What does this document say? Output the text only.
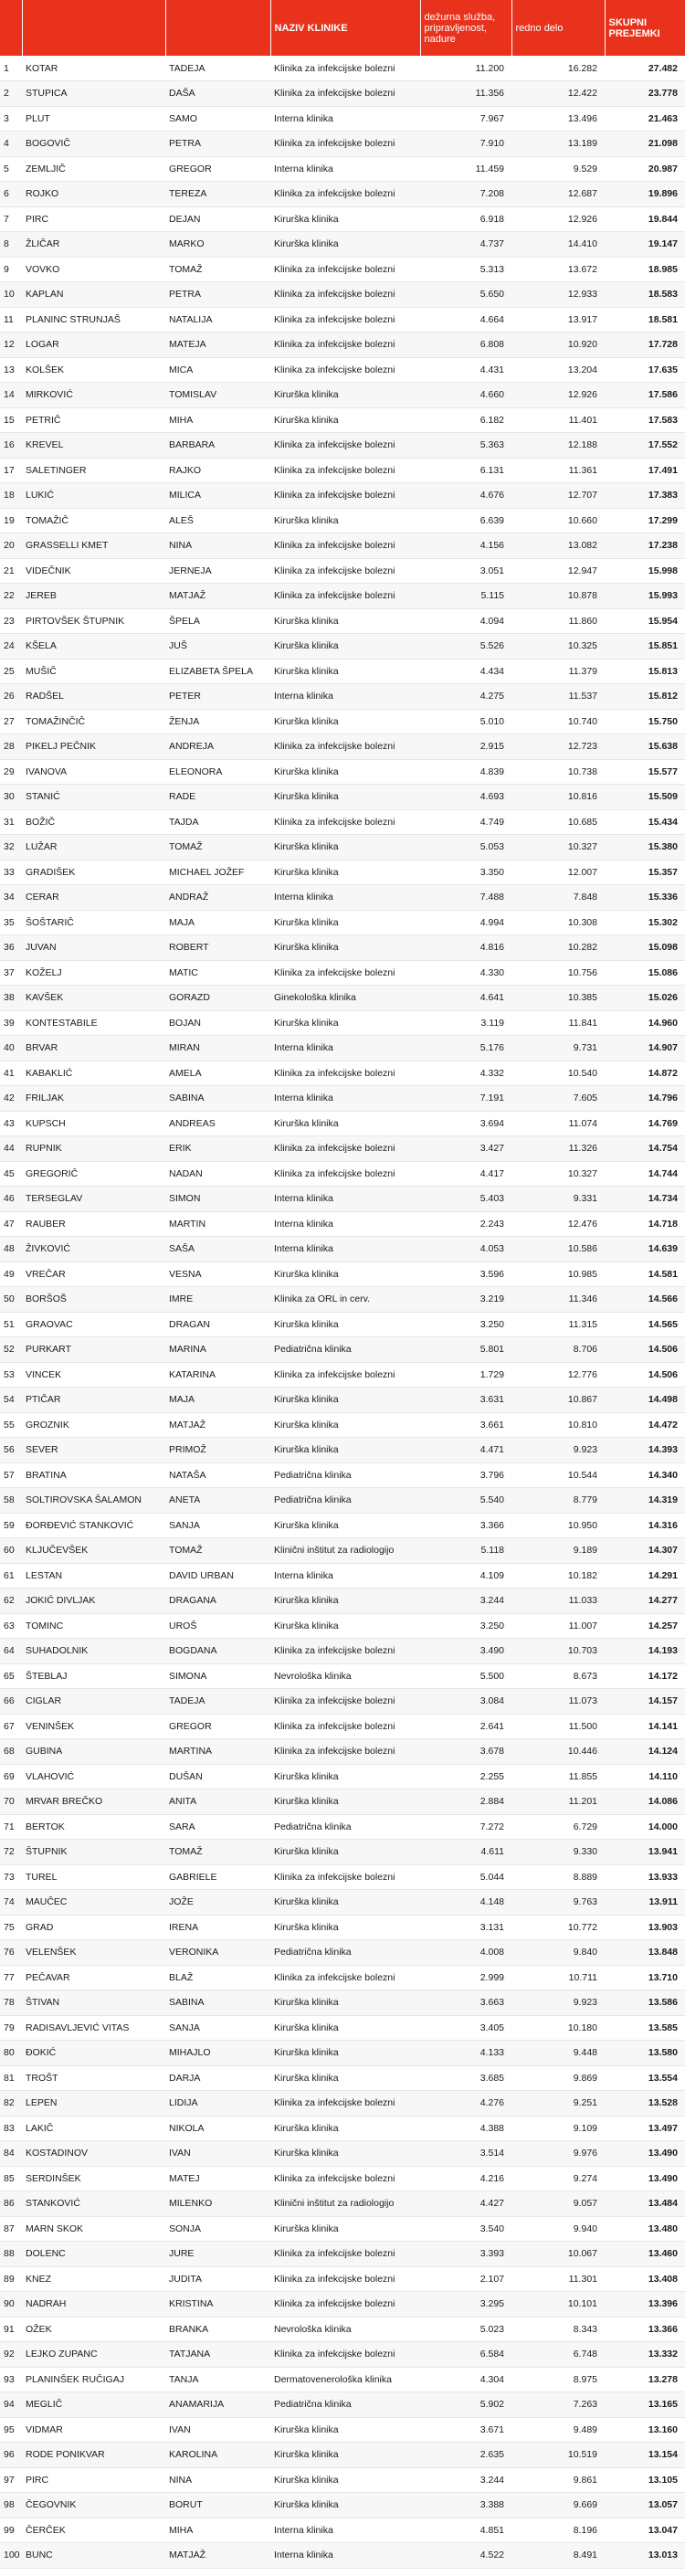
			NAZIV KLINIKE	dežurna služba, pripravljenost, nadure	redno delo	SKUPNI PREJEMKI
1	KOTAR	TADEJA	Klinika za infekcijske bolezni	11.200	16.282	27.482
2	STUPICA	DAŠA	Klinika za infekcijske bolezni	11.356	12.422	23.778
3	PLUT	SAMO	Interna klinika	7.967	13.496	21.463
4	BOGOVIČ	PETRA	Klinika za infekcijske bolezni	7.910	13.189	21.098
5	ZEMLJIČ	GREGOR	Interna klinika	11.459	9.529	20.987
6	ROJKO	TEREZA	Klinika za infekcijske bolezni	7.208	12.687	19.896
7	PIRC	DEJAN	Kirurška klinika	6.918	12.926	19.844
8	ŽLIČAR	MARKO	Kirurška klinika	4.737	14.410	19.147
9	VOVKO	TOMAŽ	Klinika za infekcijske bolezni	5.313	13.672	18.985
10	KAPLAN	PETRA	Klinika za infekcijske bolezni	5.650	12.933	18.583
11	PLANINC STRUNJAŠ	NATALIJA	Klinika za infekcijske bolezni	4.664	13.917	18.581
12	LOGAR	MATEJA	Klinika za infekcijske bolezni	6.808	10.920	17.728
13	KOLŠEK	MICA	Klinika za infekcijske bolezni	4.431	13.204	17.635
14	MIRKOVIĆ	TOMISLAV	Kirurška klinika	4.660	12.926	17.586
15	PETRIČ	MIHA	Kirurška klinika	6.182	11.401	17.583
16	KREVEL	BARBARA	Klinika za infekcijske bolezni	5.363	12.188	17.552
17	SALETINGER	RAJKO	Klinika za infekcijske bolezni	6.131	11.361	17.491
18	LUKIĆ	MILICA	Klinika za infekcijske bolezni	4.676	12.707	17.383
19	TOMAŽIČ	ALEŠ	Kirurška klinika	6.639	10.660	17.299
20	GRASSELLI KMET	NINA	Klinika za infekcijske bolezni	4.156	13.082	17.238
21	VIDEČNIK	JERNEJA	Klinika za infekcijske bolezni	3.051	12.947	15.998
22	JEREB	MATJAŽ	Klinika za infekcijske bolezni	5.115	10.878	15.993
23	PIRTOVŠEK ŠTUPNIK	ŠPELA	Kirurška klinika	4.094	11.860	15.954
24	KŠELA	JUŠ	Kirurška klinika	5.526	10.325	15.851
25	MUŠIČ	ELIZABETA ŠPELA	Kirurška klinika	4.434	11.379	15.813
26	RADŠEL	PETER	Interna klinika	4.275	11.537	15.812
27	TOMAŽINČIČ	ŽENJA	Kirurška klinika	5.010	10.740	15.750
28	PIKELJ PEČNIK	ANDREJA	Klinika za infekcijske bolezni	2.915	12.723	15.638
29	IVANOVA	ELEONORA	Kirurška klinika	4.839	10.738	15.577
30	STANIĆ	RADE	Kirurška klinika	4.693	10.816	15.509
31	BOŽIČ	TAJDA	Klinika za infekcijske bolezni	4.749	10.685	15.434
32	LUŽAR	TOMAŽ	Kirurška klinika	5.053	10.327	15.380
33	GRADIŠEK	MICHAEL JOŽEF	Kirurška klinika	3.350	12.007	15.357
34	CERAR	ANDRAŽ	Interna klinika	7.488	7.848	15.336
35	ŠOŠTARIČ	MAJA	Kirurška klinika	4.994	10.308	15.302
36	JUVAN	ROBERT	Kirurška klinika	4.816	10.282	15.098
37	KOŽELJ	MATIC	Klinika za infekcijske bolezni	4.330	10.756	15.086
38	KAVŠEK	GORAZD	Ginekološka klinika	4.641	10.385	15.026
39	KONTESTABILE	BOJAN	Kirurška klinika	3.119	11.841	14.960
40	BRVAR	MIRAN	Interna klinika	5.176	9.731	14.907
41	KABAKLIĆ	AMELA	Klinika za infekcijske bolezni	4.332	10.540	14.872
42	FRILJAK	SABINA	Interna klinika	7.191	7.605	14.796
43	KUPSCH	ANDREAS	Kirurška klinika	3.694	11.074	14.769
44	RUPNIK	ERIK	Klinika za infekcijske bolezni	3.427	11.326	14.754
45	GREGORIČ	NADAN	Klinika za infekcijske bolezni	4.417	10.327	14.744
46	TERSEGLAV	SIMON	Interna klinika	5.403	9.331	14.734
47	RAUBER	MARTIN	Interna klinika	2.243	12.476	14.718
48	ŽIVKOVIĆ	SAŠA	Interna klinika	4.053	10.586	14.639
49	VREČAR	VESNA	Kirurška klinika	3.596	10.985	14.581
50	BORŠOŠ	IMRE	Klinika za ORL in cerv.	3.219	11.346	14.566
51	GRAOVAC	DRAGAN	Kirurška klinika	3.250	11.315	14.565
52	PURKART	MARINA	Pediatrična klinika	5.801	8.706	14.506
53	VINCEK	KATARINA	Klinika za infekcijske bolezni	1.729	12.776	14.506
54	PTIČAR	MAJA	Kirurška klinika	3.631	10.867	14.498
55	GROZNIK	MATJAŽ	Kirurška klinika	3.661	10.810	14.472
56	SEVER	PRIMOŽ	Kirurška klinika	4.471	9.923	14.393
57	BRATINA	NATAŠA	Pediatrična klinika	3.796	10.544	14.340
58	SOLTIROVSKA ŠALAMON	ANETA	Pediatrična klinika	5.540	8.779	14.319
59	ĐORĐEVIĆ STANKOVIĆ	SANJA	Kirurška klinika	3.366	10.950	14.316
60	KLJUČEVŠEK	TOMAŽ	Klinični inštitut za radiologijo	5.118	9.189	14.307
61	LESTAN	DAVID URBAN	Interna klinika	4.109	10.182	14.291
62	JOKIĆ DIVLJAK	DRAGANA	Kirurška klinika	3.244	11.033	14.277
63	TOMINC	UROŠ	Kirurška klinika	3.250	11.007	14.257
64	SUHADOLNIK	BOGDANA	Klinika za infekcijske bolezni	3.490	10.703	14.193
65	ŠTEBLAJ	SIMONA	Nevrološka klinika	5.500	8.673	14.172
66	CIGLAR	TADEJA	Klinika za infekcijske bolezni	3.084	11.073	14.157
67	VENINŠEK	GREGOR	Klinika za infekcijske bolezni	2.641	11.500	14.141
68	GUBINA	MARTINA	Klinika za infekcijske bolezni	3.678	10.446	14.124
69	VLAHOVIĆ	DUŠAN	Kirurška klinika	2.255	11.855	14.110
70	MRVAR BREČKO	ANITA	Kirurška klinika	2.884	11.201	14.086
71	BERTOK	SARA	Pediatrična klinika	7.272	6.729	14.000
72	ŠTUPNIK	TOMAŽ	Kirurška klinika	4.611	9.330	13.941
73	TUREL	GABRIELE	Klinika za infekcijske bolezni	5.044	8.889	13.933
74	MAUČEC	JOŽE	Kirurška klinika	4.148	9.763	13.911
75	GRAD	IRENA	Kirurška klinika	3.131	10.772	13.903
76	VELENŠEK	VERONIKA	Pediatrična klinika	4.008	9.840	13.848
77	PEČAVAR	BLAŽ	Klinika za infekcijske bolezni	2.999	10.711	13.710
78	ŠTIVAN	SABINA	Kirurška klinika	3.663	9.923	13.586
79	RADISAVLJEVIĆ VITAS	SANJA	Kirurška klinika	3.405	10.180	13.585
80	ĐOKIĆ	MIHAJLO	Kirurška klinika	4.133	9.448	13.580
81	TROŠT	DARJA	Kirurška klinika	3.685	9.869	13.554
82	LEPEN	LIDIJA	Klinika za infekcijske bolezni	4.276	9.251	13.528
83	LAKIČ	NIKOLA	Kirurška klinika	4.388	9.109	13.497
84	KOSTADINOV	IVAN	Kirurška klinika	3.514	9.976	13.490
85	SERDINŠEK	MATEJ	Klinika za infekcijske bolezni	4.216	9.274	13.490
86	STANKOVIĆ	MILENKO	Klinični inštitut za radiologijo	4.427	9.057	13.484
87	MARN SKOK	SONJA	Kirurška klinika	3.540	9.940	13.480
88	DOLENC	JURE	Klinika za infekcijske bolezni	3.393	10.067	13.460
89	KNEZ	JUDITA	Klinika za infekcijske bolezni	2.107	11.301	13.408
90	NADRAH	KRISTINA	Klinika za infekcijske bolezni	3.295	10.101	13.396
91	OŽEK	BRANKA	Nevrološka klinika	5.023	8.343	13.366
92	LEJKO ZUPANC	TATJANA	Klinika za infekcijske bolezni	6.584	6.748	13.332
93	PLANINŠEK RUČIGAJ	TANJA	Dermatovenerološka klinika	4.304	8.975	13.278
94	MEGLIČ	ANAMARIJA	Pediatrična klinika	5.902	7.263	13.165
95	VIDMAR	IVAN	Kirurška klinika	3.671	9.489	13.160
96	RODE PONIKVAR	KAROLINA	Kirurška klinika	2.635	10.519	13.154
97	PIRC	NINA	Kirurška klinika	3.244	9.861	13.105
98	ČEGOVNIK	BORUT	Kirurška klinika	3.388	9.669	13.057
99	ČERČEK	MIHA	Interna klinika	4.851	8.196	13.047
100	BUNC	MATJAŽ	Interna klinika	4.522	8.491	13.013
